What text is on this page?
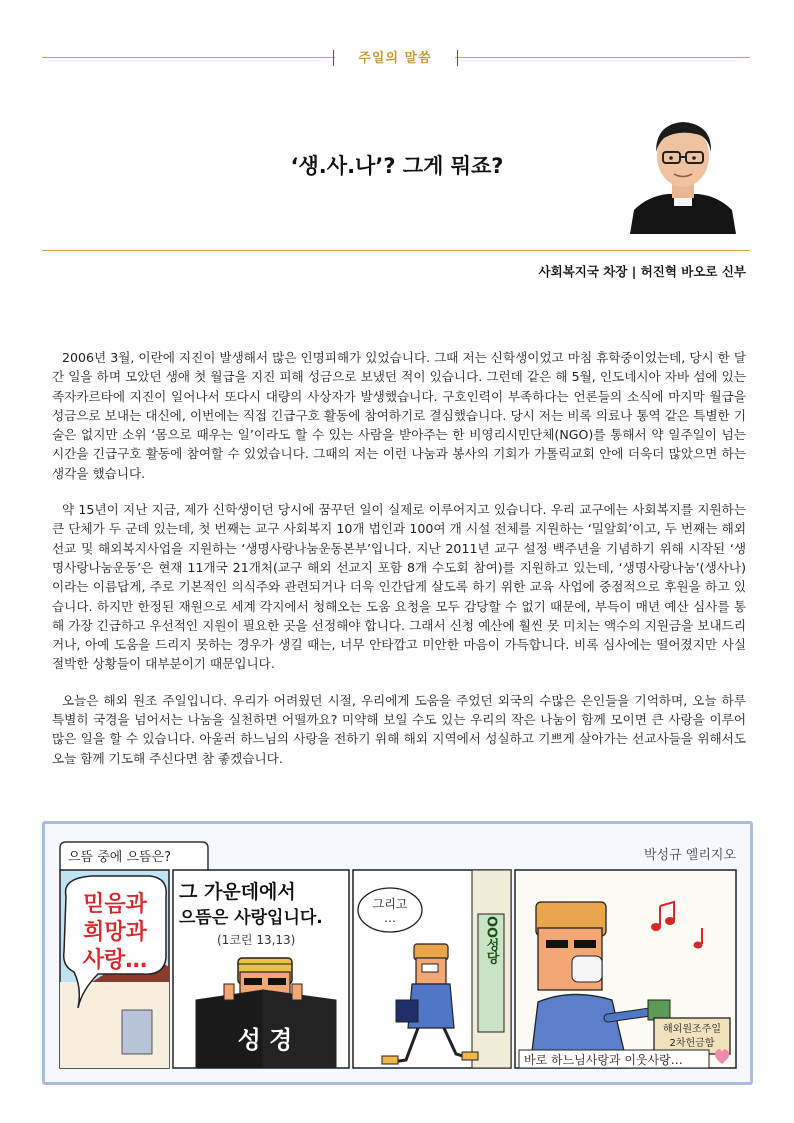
주일의 말씀
‘생.사.나’? 그게 뭐죠?
사회복지국 차장 | 허진혁 바오로 신부

2006년 3월, 이란에 지진이 발생해서 많은 인명피해가 있었습니다. 그때 저는 신학생이었고 마침 휴학중이었는데, 당시 한 달간 일을 하며 모았던 생애 첫 월급을 지진 피해 성금으로 보냈던 적이 있습니다. 그런데 같은 해 5월, 인도네시아 자바 섬에 있는 족자카르타에 지진이 일어나서 또다시 대량의 사상자가 발생했습니다. 구호인력이 부족하다는 언론들의 소식에 마지막 월급을 성금으로 보내는 대신에, 이번에는 직접 긴급구호 활동에 참여하기로 결심했습니다. 당시 저는 비록 의료나 통역 같은 특별한 기술은 없지만 소위 ‘몸으로 때우는 일’이라도 할 수 있는 사람을 받아주는 한 비영리시민단체(NGO)를 통해서 약 일주일이 넘는 시간을 긴급구호 활동에 참여할 수 있었습니다. 그때의 저는 이런 나눔과 봉사의 기회가 가톨릭교회 안에 더욱더 많았으면 하는 생각을 했습니다.

약 15년이 지난 지금, 제가 신학생이던 당시에 꿈꾸던 일이 실제로 이루어지고 있습니다. 우리 교구에는 사회복지를 지원하는 큰 단체가 두 군데 있는데, 첫 번째는 교구 사회복지 10개 법인과 100여 개 시설 전체를 지원하는 ‘밀알회’이고, 두 번째는 해외선교 및 해외복지사업을 지원하는 ‘생명사랑나눔운동본부’입니다. 지난 2011년 교구 설정 백주년을 기념하기 위해 시작된 ‘생명사랑나눔운동’은 현재 11개국 21개처(교구 해외 선교지 포함 8개 수도회 참여)를 지원하고 있는데, ‘생명사랑나눔’(생사나)이라는 이름답게, 주로 기본적인 의식주와 관련되거나 더욱 인간답게 살도록 하기 위한 교육 사업에 중점적으로 후원을 하고 있습니다. 하지만 한정된 재원으로 세계 각지에서 청해오는 도움 요청을 모두 감당할 수 없기 때문에, 부득이 매년 예산 심사를 통해 가장 긴급하고 우선적인 지원이 필요한 곳을 선정해야 합니다. 그래서 신청 예산에 훨씬 못 미치는 액수의 지원금을 보내드리거나, 아예 도움을 드리지 못하는 경우가 생길 때는, 너무 안타깝고 미안한 마음이 가득합니다. 비록 심사에는 떨어졌지만 사실 절박한 상황들이 대부분이기 때문입니다.

오늘은 해외 원조 주일입니다. 우리가 어려웠던 시절, 우리에게 도움을 주었던 외국의 수많은 은인들을 기억하며, 오늘 하루 특별히 국경을 넘어서는 나눔을 실천하면 어떨까요? 미약해 보일 수도 있는 우리의 작은 나눔이 함께 모이면 큰 사랑을 이루어 많은 일을 할 수 있습니다. 아울러 하느님의 사랑을 전하기 위해 해외 지역에서 성실하고 기쁘게 살아가는 선교사들을 위해서도 오늘 함께 기도해 주신다면 참 좋겠습니다.

으뜸 중에 으뜸은?	박성규 엘리지오
믿음과
희망과
사랑…
그 가운데에서
으뜸은 사랑입니다.
(1코린 13,13)
성 경
OO성당
그리고
…
해외원조주일
2차헌금함
바로 하느님사랑과 이웃사랑…
